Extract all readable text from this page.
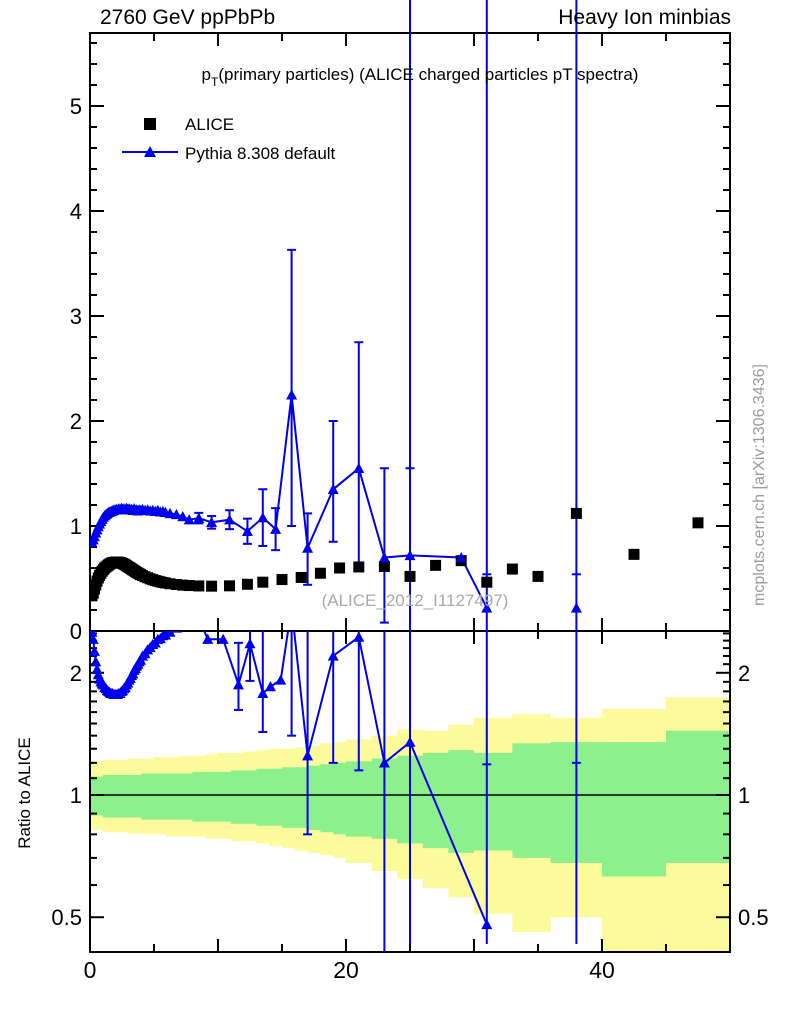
0
1
2
3
4
5
0	20	40
0.5	0.5
1	1
2	2
2760 GeV ppPbPb	Heavy Ion minbias
$p_T(primary$ particles) (ALICE charged particles pT spectra)
ALICE
Pythia 8.308 default
(ALICE_2012_I1127497)	mcplots.cern.ch [arXiv:1306.3436]
Ratio to ALICE
